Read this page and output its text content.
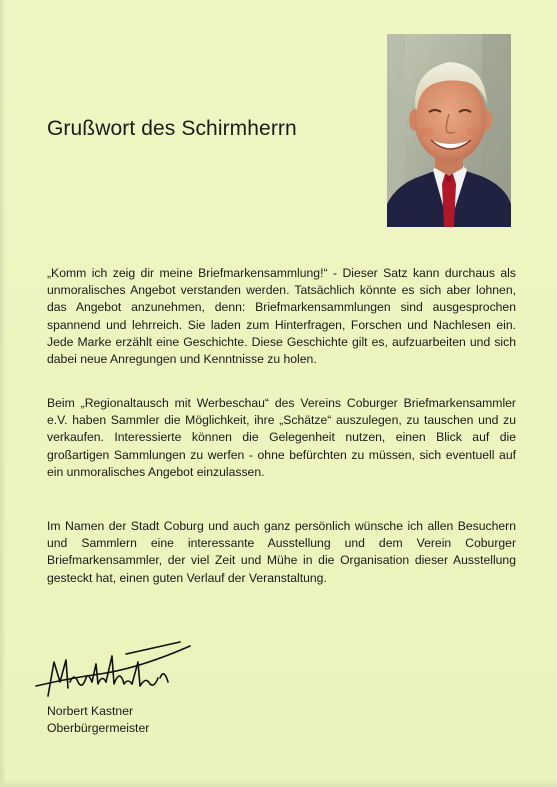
Grußwort des Schirmherrn

„Komm ich zeig dir meine Briefmarkensammlung!“ - Dieser Satz kann durchaus als unmoralisches Angebot verstanden werden. Tatsächlich könnte es sich aber lohnen, das Angebot anzunehmen, denn: Briefmarkensammlungen sind ausgesprochen spannend und lehrreich. Sie laden zum Hinterfragen, Forschen und Nachlesen ein. Jede Marke erzählt eine Geschichte. Diese Geschichte gilt es, aufzuarbeiten und sich dabei neue Anregungen und Kenntnisse zu holen.

Beim „Regionaltausch mit Werbeschau“ des Vereins Coburger Briefmarkensammler e.V. haben Sammler die Möglichkeit, ihre „Schätze“ auszulegen, zu tauschen und zu verkaufen. Interessierte können die Gelegenheit nutzen, einen Blick auf die großartigen Sammlungen zu werfen - ohne befürchten zu müssen, sich eventuell auf ein unmoralisches Angebot einzulassen.

Im Namen der Stadt Coburg und auch ganz persönlich wünsche ich allen Besuchern und Sammlern eine interessante Ausstellung und dem Verein Coburger Briefmarkensammler, der viel Zeit und Mühe in die Organisation dieser Ausstellung gesteckt hat, einen guten Verlauf der Veranstaltung.

Norbert Kastner
Oberbürgermeister
